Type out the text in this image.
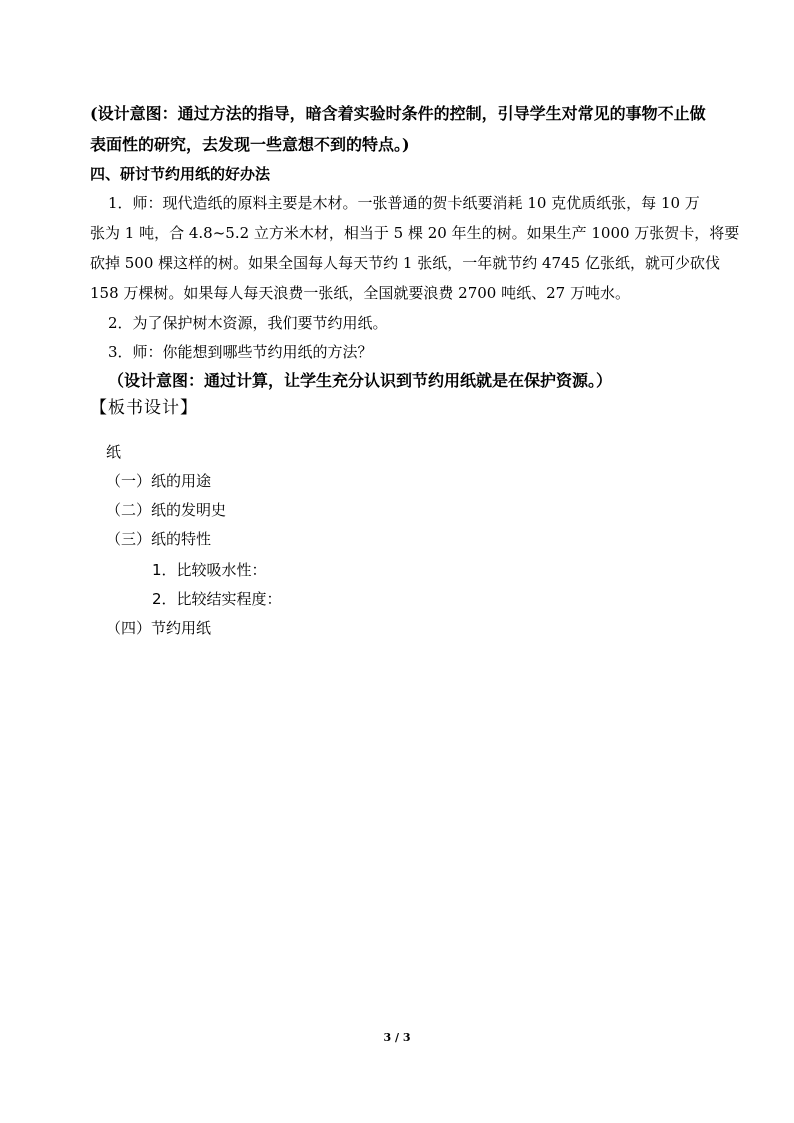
(设计意图：通过方法的指导，暗含着实验时条件的控制，引导学生对常见的事物不止做
表面性的研究，去发现一些意想不到的特点。)
四、研讨节约用纸的好办法
1．师：现代造纸的原料主要是木材。一张普通的贺卡纸要消耗 10 克优质纸张，每 10 万
张为 1 吨，合 4.8~5.2 立方米木材，相当于 5 棵 20 年生的树。如果生产 1000 万张贺卡，将要
砍掉 500 棵这样的树。如果全国每人每天节约 1 张纸，一年就节约 4745 亿张纸，就可少砍伐
158 万棵树。如果每人每天浪费一张纸，全国就要浪费 2700 吨纸、27 万吨水。
2．为了保护树木资源，我们要节约用纸。
3．师：你能想到哪些节约用纸的方法？
（设计意图：通过计算，让学生充分认识到节约用纸就是在保护资源。）
【板书设计】
纸
（一）纸的用途
（二）纸的发明史
（三）纸的特性
1．比较吸水性：
2．比较结实程度：
（四）节约用纸
3 / 3
